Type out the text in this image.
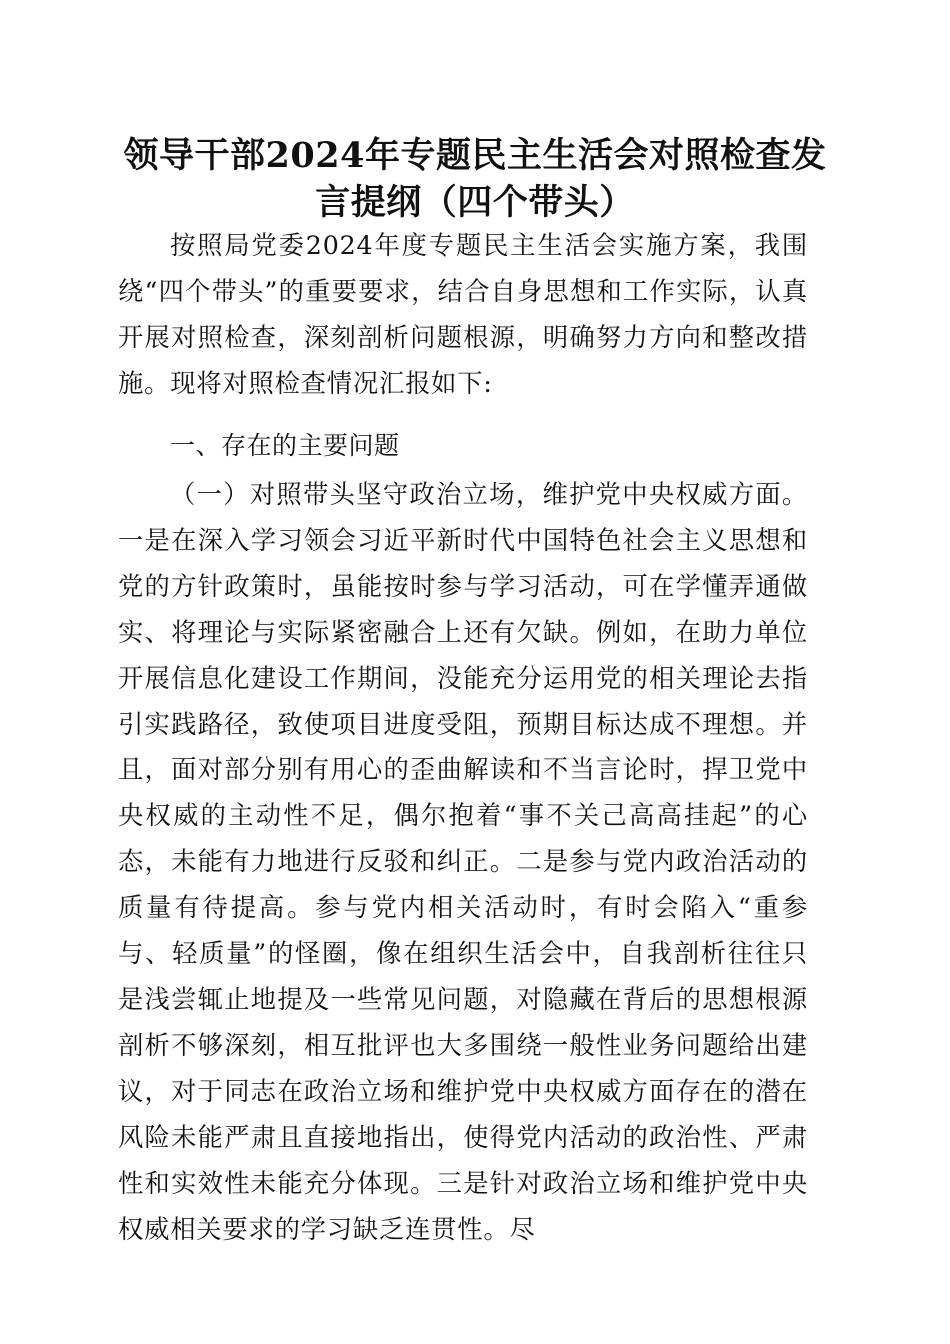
领导干部2024年专题民主生活会对照检查发
言提纲（四个带头）

按照局党委2024年度专题民主生活会实施方案，我围绕“四个带头”的重要要求，结合自身思想和工作实际，认真开展对照检查，深刻剖析问题根源，明确努力方向和整改措施。现将对照检查情况汇报如下:

一、存在的主要问题

（一）对照带头坚守政治立场，维护党中央权威方面。一是在深入学习领会习近平新时代中国特色社会主义思想和党的方针政策时，虽能按时参与学习活动，可在学懂弄通做实、将理论与实际紧密融合上还有欠缺。例如，在助力单位开展信息化建设工作期间，没能充分运用党的相关理论去指引实践路径，致使项目进度受阻，预期目标达成不理想。并且，面对部分别有用心的歪曲解读和不当言论时，捍卫党中央权威的主动性不足，偶尔抱着“事不关己高高挂起”的心态，未能有力地进行反驳和纠正。二是参与党内政治活动的质量有待提高。参与党内相关活动时，有时会陷入“重参与、轻质量”的怪圈，像在组织生活会中，自我剖析往往只是浅尝辄止地提及一些常见问题，对隐藏在背后的思想根源剖析不够深刻，相互批评也大多围绕一般性业务问题给出建议，对于同志在政治立场和维护党中央权威方面存在的潜在风险未能严肃且直接地指出，使得党内活动的政治性、严肃性和实效性未能充分体现。三是针对政治立场和维护党中央权威相关要求的学习缺乏连贯性。尽
